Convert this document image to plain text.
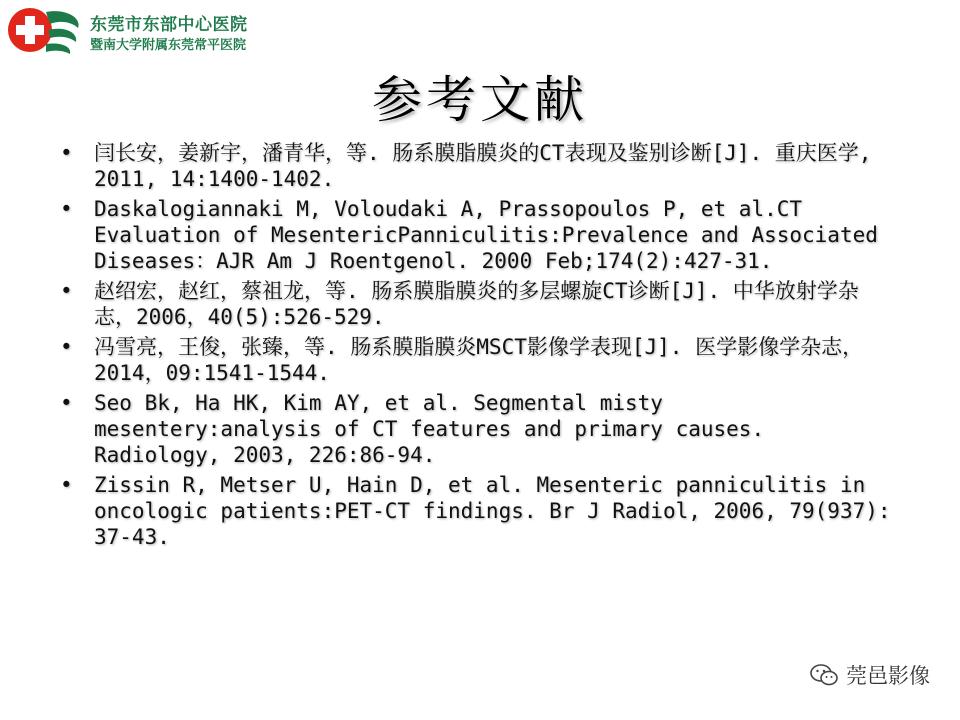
东莞市东部中心医院
暨南大学附属东莞常平医院
参考文献
• 闫长安，姜新宇，潘青华，等. 肠系膜脂膜炎的CT表现及鉴别诊断[J]. 重庆医学, 2011, 14:1400-1402.
• Daskalogiannaki M, Voloudaki A, Prassopoulos P, et al.CT Evaluation of MesentericPanniculitis:Prevalence and Associated Diseases：AJR Am J Roentgenol. 2000 Feb;174(2):427-31.
• 赵绍宏，赵红，蔡祖龙，等. 肠系膜脂膜炎的多层螺旋CT诊断[J]. 中华放射学杂志，2006，40(5):526-529.
• 冯雪亮，王俊，张臻，等. 肠系膜脂膜炎MSCT影像学表现[J]. 医学影像学杂志，2014，09:1541-1544.
• Seo Bk, Ha HK, Kim AY, et al. Segmental misty mesentery:analysis of CT features and primary causes. Radiology, 2003, 226:86-94.
• Zissin R, Metser U, Hain D, et al. Mesenteric panniculitis in oncologic patients:PET-CT findings. Br J Radiol, 2006, 79(937): 37-43.
莞邑影像
